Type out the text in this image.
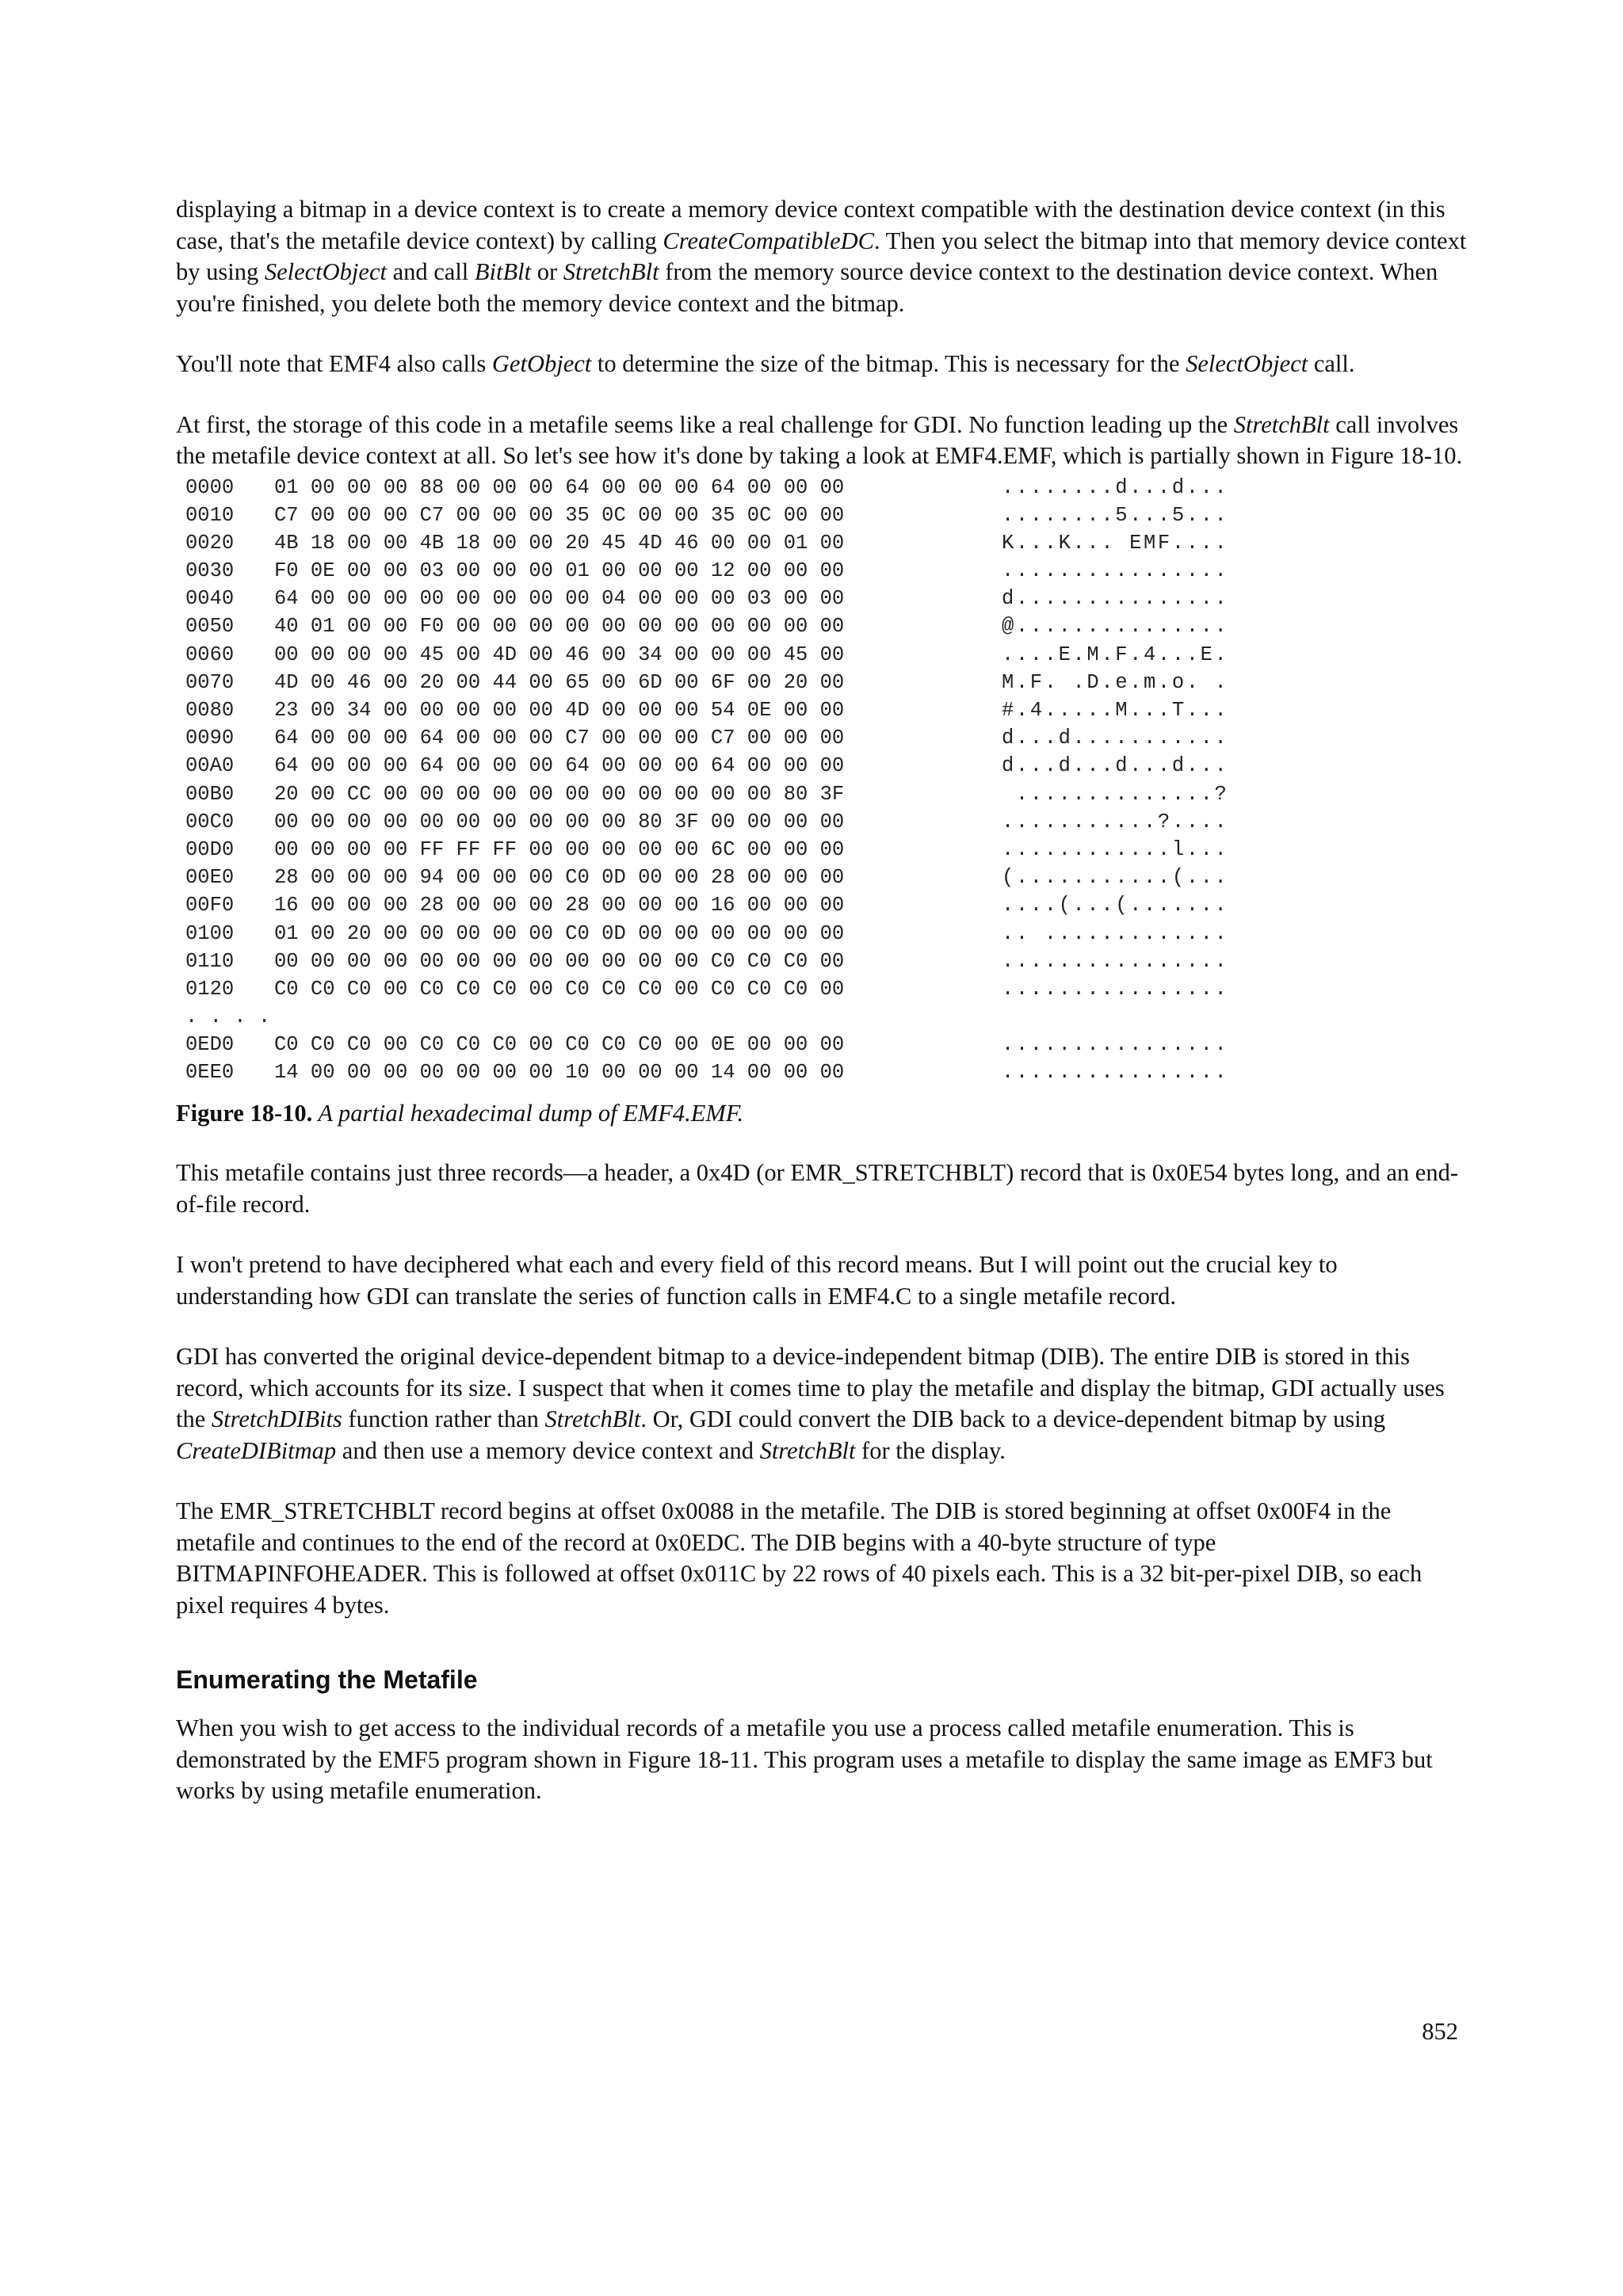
displaying a bitmap in a device context is to create a memory device context compatible with the destination device context (in this case, that's the metafile device context) by calling CreateCompatibleDC. Then you select the bitmap into that memory device context by using SelectObject and call BitBlt or StretchBlt from the memory source device context to the destination device context. When you're finished, you delete both the memory device context and the bitmap.

You'll note that EMF4 also calls GetObject to determine the size of the bitmap. This is necessary for the SelectObject call.

At first, the storage of this code in a metafile seems like a real challenge for GDI. No function leading up the StretchBlt call involves the metafile device context at all. So let's see how it's done by taking a look at EMF4.EMF, which is partially shown in Figure 18-10.

0000	01 00 00 00 88 00 00 00 64 00 00 00 64 00 00 00	........d...d...
0010	C7 00 00 00 C7 00 00 00 35 0C 00 00 35 0C 00 00	........5...5...
0020	4B 18 00 00 4B 18 00 00 20 45 4D 46 00 00 01 00	K...K... EMF....
0030	F0 0E 00 00 03 00 00 00 01 00 00 00 12 00 00 00	................
0040	64 00 00 00 00 00 00 00 00 04 00 00 00 03 00 00	d...............
0050	40 01 00 00 F0 00 00 00 00 00 00 00 00 00 00 00	@...............
0060	00 00 00 00 45 00 4D 00 46 00 34 00 00 00 45 00	....E.M.F.4...E.
0070	4D 00 46 00 20 00 44 00 65 00 6D 00 6F 00 20 00	M.F. .D.e.m.o. .
0080	23 00 34 00 00 00 00 00 4D 00 00 00 54 0E 00 00	#.4.....M...T...
0090	64 00 00 00 64 00 00 00 C7 00 00 00 C7 00 00 00	d...d...........
00A0	64 00 00 00 64 00 00 00 64 00 00 00 64 00 00 00	d...d...d...d...
00B0	20 00 CC 00 00 00 00 00 00 00 00 00 00 00 80 3F	..............?
00C0	00 00 00 00 00 00 00 00 00 00 80 3F 00 00 00 00	...........?....
00D0	00 00 00 00 FF FF FF 00 00 00 00 00 6C 00 00 00	............l...
00E0	28 00 00 00 94 00 00 00 C0 0D 00 00 28 00 00 00	(...........(...
00F0	16 00 00 00 28 00 00 00 28 00 00 00 16 00 00 00	....(...(.......
0100	01 00 20 00 00 00 00 00 C0 0D 00 00 00 00 00 00	.. .............
0110	00 00 00 00 00 00 00 00 00 00 00 00 C0 C0 C0 00	................
0120	C0 C0 C0 00 C0 C0 C0 00 C0 C0 C0 00 C0 C0 C0 00	................
. . . .
0ED0	C0 C0 C0 00 C0 C0 C0 00 C0 C0 C0 00 0E 00 00 00	................
0EE0	14 00 00 00 00 00 00 00 10 00 00 00 14 00 00 00	................
Figure 18-10. A partial hexadecimal dump of EMF4.EMF.

This metafile contains just three records—a header, a 0x4D (or EMR_STRETCHBLT) record that is 0x0E54 bytes long, and an end-of-file record.

I won't pretend to have deciphered what each and every field of this record means. But I will point out the crucial key to understanding how GDI can translate the series of function calls in EMF4.C to a single metafile record.

GDI has converted the original device-dependent bitmap to a device-independent bitmap (DIB). The entire DIB is stored in this record, which accounts for its size. I suspect that when it comes time to play the metafile and display the bitmap, GDI actually uses the StretchDIBits function rather than StretchBlt. Or, GDI could convert the DIB back to a device-dependent bitmap by using CreateDIBitmap and then use a memory device context and StretchBlt for the display.

The EMR_STRETCHBLT record begins at offset 0x0088 in the metafile. The DIB is stored beginning at offset 0x00F4 in the metafile and continues to the end of the record at 0x0EDC. The DIB begins with a 40-byte structure of type BITMAPINFOHEADER. This is followed at offset 0x011C by 22 rows of 40 pixels each. This is a 32 bit-per-pixel DIB, so each pixel requires 4 bytes.

Enumerating the Metafile

When you wish to get access to the individual records of a metafile you use a process called metafile enumeration. This is demonstrated by the EMF5 program shown in Figure 18-11. This program uses a metafile to display the same image as EMF3 but works by using metafile enumeration.

852
